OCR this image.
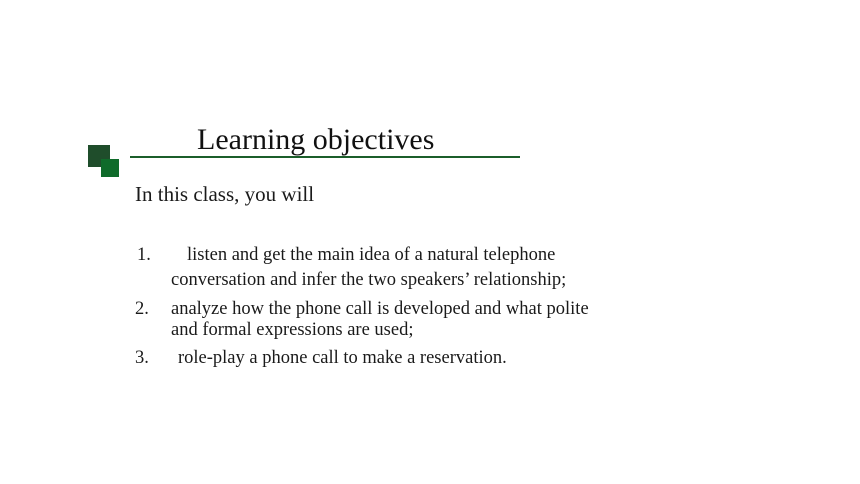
Learning objectives
In this class, you will
1.	listen and get the main idea of a natural telephone
conversation and infer the two speakers’ relationship;
2.	analyze how the phone call is developed and what polite
and formal expressions are used;
3.	role-play a phone call to make a reservation.
